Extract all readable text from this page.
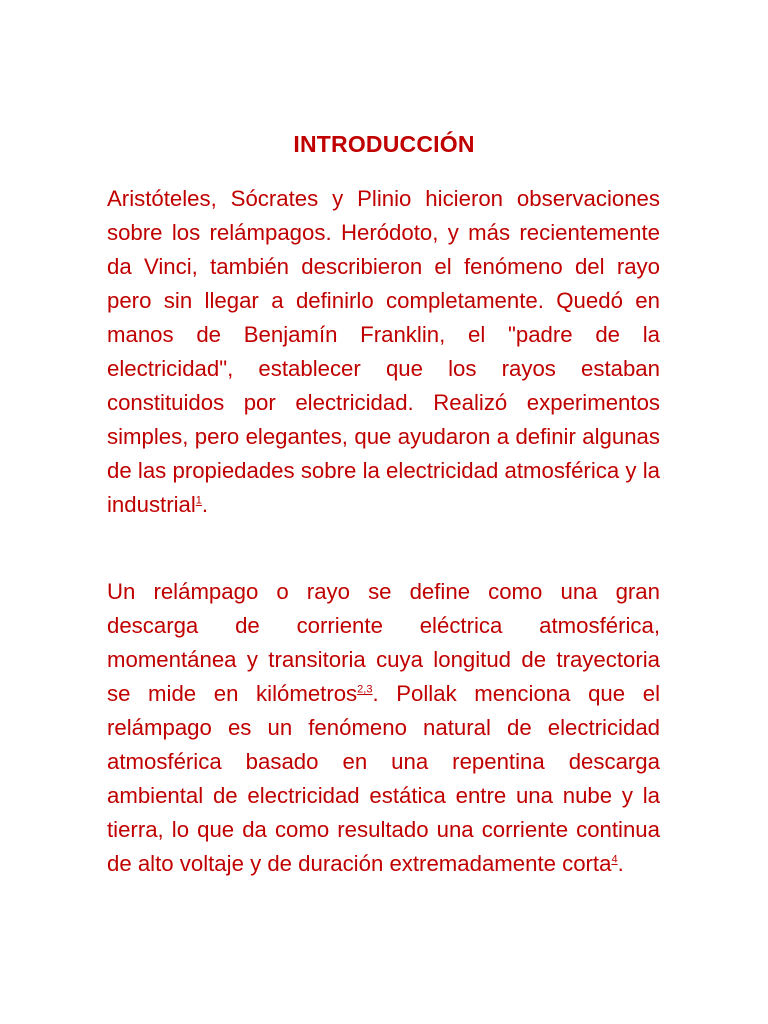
INTRODUCCIÓN

Aristóteles, Sócrates y Plinio hicieron observaciones sobre los relámpagos. Heródoto, y más recientemente da Vinci, también describieron el fenómeno del rayo pero sin llegar a definirlo completamente. Quedó en manos de Benjamín Franklin, el "padre de la electricidad", establecer que los rayos estaban constituidos por electricidad. Realizó experimentos simples, pero elegantes, que ayudaron a definir algunas de las propiedades sobre la electricidad atmosférica y la industrial$^1$.

Un relámpago o rayo se define como una gran descarga de corriente eléctrica atmosférica, momentánea y transitoria cuya longitud de trayectoria se mide en kilómetros$^{2,3}$. Pollak menciona que el relámpago es un fenómeno natural de electricidad atmosférica basado en una repentina descarga ambiental de electricidad estática entre una nube y la tierra, lo que da como resultado una corriente continua de alto voltaje y de duración extremadamente corta$^4$.
